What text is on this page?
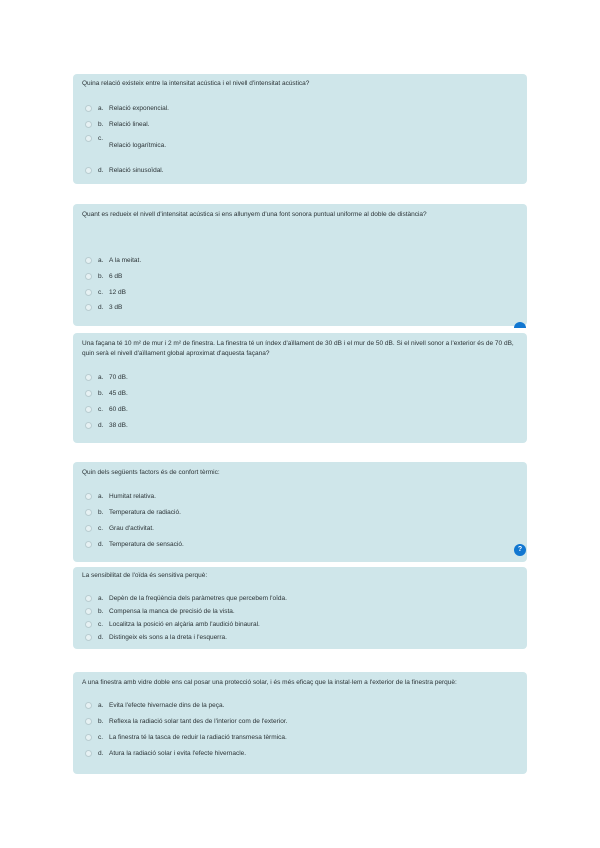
Quina relació existeix entre la intensitat acústica i el nivell d'intensitat acústica?
a. Relació exponencial.
b. Relació lineal.
c.
Relació logarítmica.
d. Relació sinusoïdal.
Quant es redueix el nivell d'intensitat acústica si ens allunyem d'una font sonora puntual uniforme al doble de distància?
a. A la meitat.
b. 6 dB
c. 12 dB
d. 3 dB
Una façana té 10 m² de mur i 2 m² de finestra. La finestra té un índex d'aïllament de 30 dB i el mur de 50 dB. Si el nivell sonor a l'exterior és de 70 dB, quin serà el nivell d'aïllament global aproximat d'aquesta façana?
a. 70 dB.
b. 45 dB.
c. 60 dB.
d. 38 dB.
Quin dels següents factors és de confort tèrmic:
a. Humitat relativa.
b. Temperatura de radiació.
c. Grau d'activitat.
d. Temperatura de sensació.
?
La sensibilitat de l'oïda és sensitiva perquè:
a. Depèn de la freqüència dels paràmetres que percebem l'oïda.
b. Compensa la manca de precisió de la vista.
c. Localitza la posició en alçària amb l'audició binaural.
d. Distingeix els sons a la dreta i l'esquerra.
A una finestra amb vidre doble ens cal posar una protecció solar, i és més eficaç que la instal·lem a l'exterior de la finestra perquè:
a. Evita l'efecte hivernacle dins de la peça.
b. Reflexa la radiació solar tant des de l'interior com de l'exterior.
c. La finestra té la tasca de reduir la radiació transmesa tèrmica.
d. Atura la radiació solar i evita l'efecte hivernacle.
